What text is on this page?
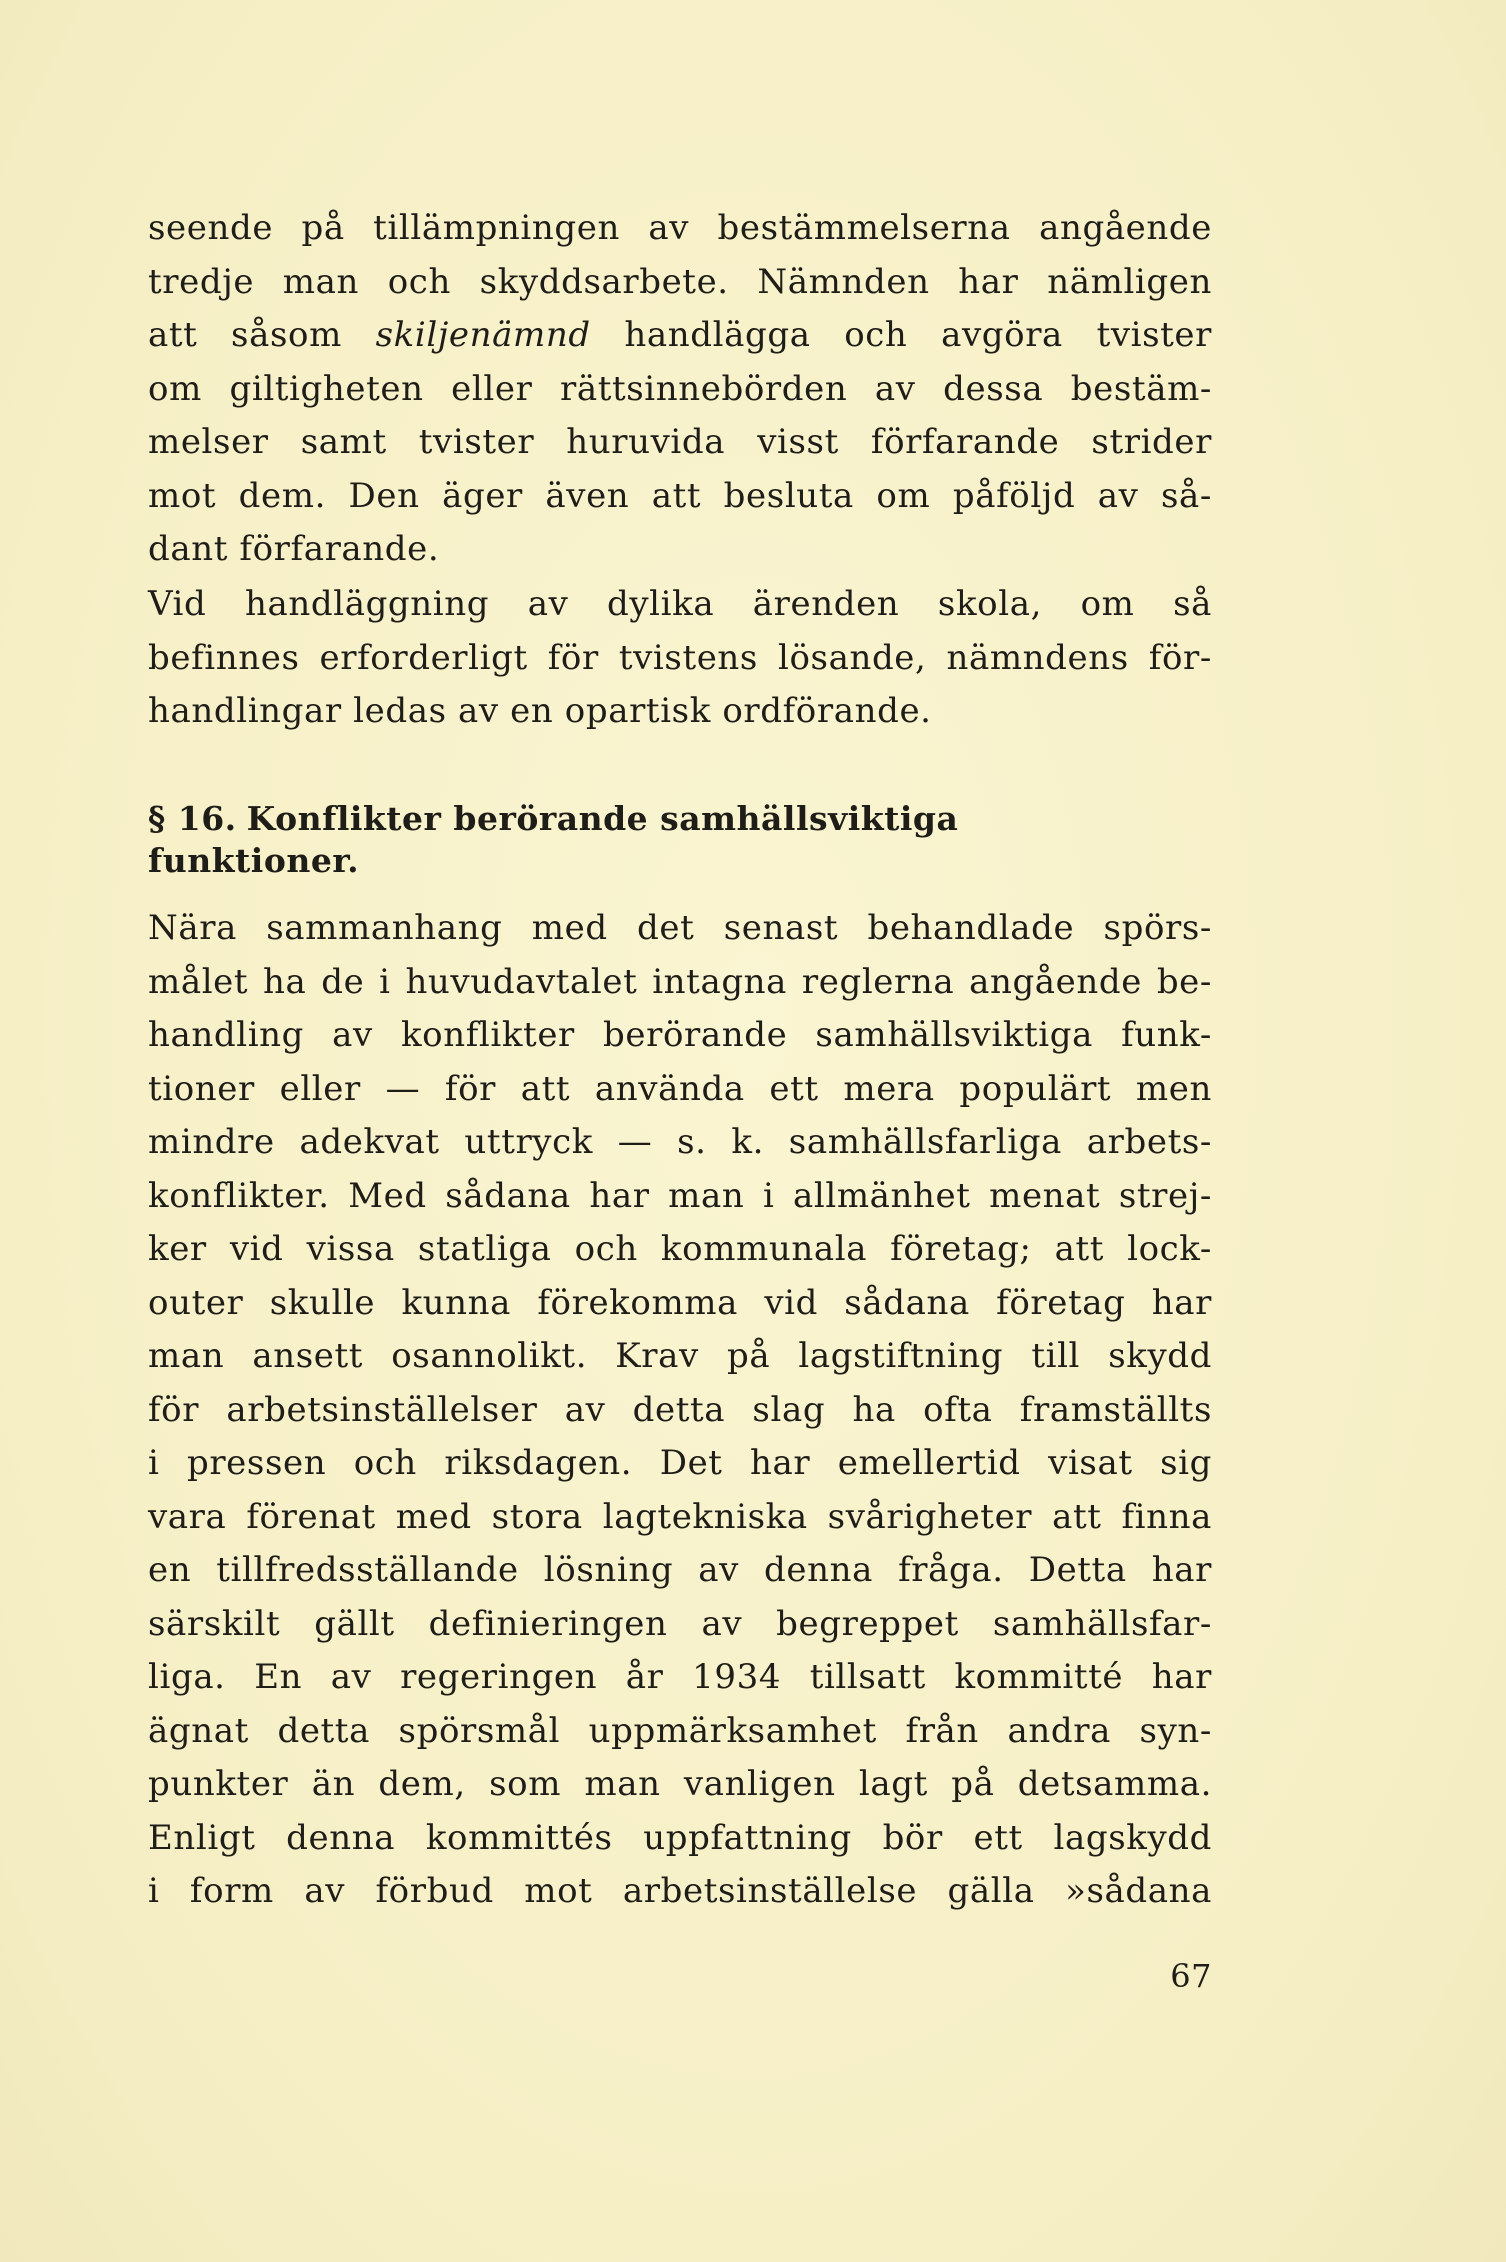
seende på tillämpningen av bestämmelserna angående
tredje man och skyddsarbete. Nämnden har nämligen
att såsom skiljenämnd handlägga och avgöra tvister
om giltigheten eller rättsinnebörden av dessa bestäm-
melser samt tvister huruvida visst förfarande strider
mot dem. Den äger även att besluta om påföljd av så-
dant förfarande.
Vid handläggning av dylika ärenden skola, om så
befinnes erforderligt för tvistens lösande, nämndens för-
handlingar ledas av en opartisk ordförande.
§ 16. Konflikter berörande samhällsviktiga
funktioner.
Nära sammanhang med det senast behandlade spörs-
målet ha de i huvudavtalet intagna reglerna angående be-
handling av konflikter berörande samhällsviktiga funk-
tioner eller — för att använda ett mera populärt men
mindre adekvat uttryck — s. k. samhällsfarliga arbets-
konflikter. Med sådana har man i allmänhet menat strej-
ker vid vissa statliga och kommunala företag; att lock-
outer skulle kunna förekomma vid sådana företag har
man ansett osannolikt. Krav på lagstiftning till skydd
för arbetsinställelser av detta slag ha ofta framställts
i pressen och riksdagen. Det har emellertid visat sig
vara förenat med stora lagtekniska svårigheter att finna
en tillfredsställande lösning av denna fråga. Detta har
särskilt gällt definieringen av begreppet samhällsfar-
liga. En av regeringen år 1934 tillsatt kommitté har
ägnat detta spörsmål uppmärksamhet från andra syn-
punkter än dem, som man vanligen lagt på detsamma.
Enligt denna kommittés uppfattning bör ett lagskydd
i form av förbud mot arbetsinställelse gälla »sådana
67
